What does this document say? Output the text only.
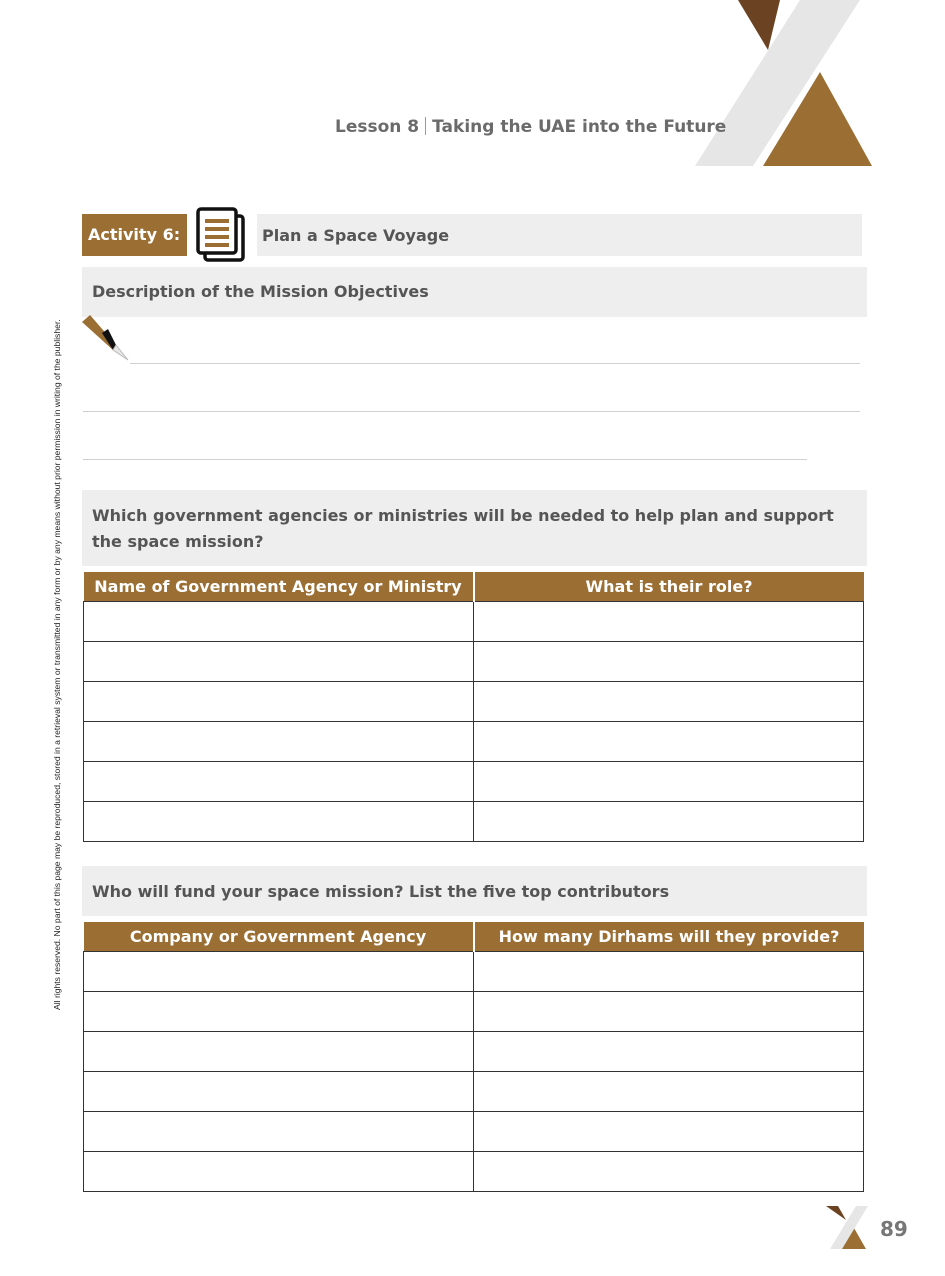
Lesson 8 Taking the UAE into the Future
All rights reserved. No part of this page may be reproduced, stored in a retrieval system or transmitted in any form or by any means without prior permission in writing of the publisher.
Activity 6:	Plan a Space Voyage
Description of the Mission Objectives
Which government agencies or ministries will be needed to help plan and support the space mission?
Name of Government Agency or Ministry	What is their role?

Who will fund your space mission? List the five top contributors
Company or Government Agency	How many Dirhams will they provide?

89
